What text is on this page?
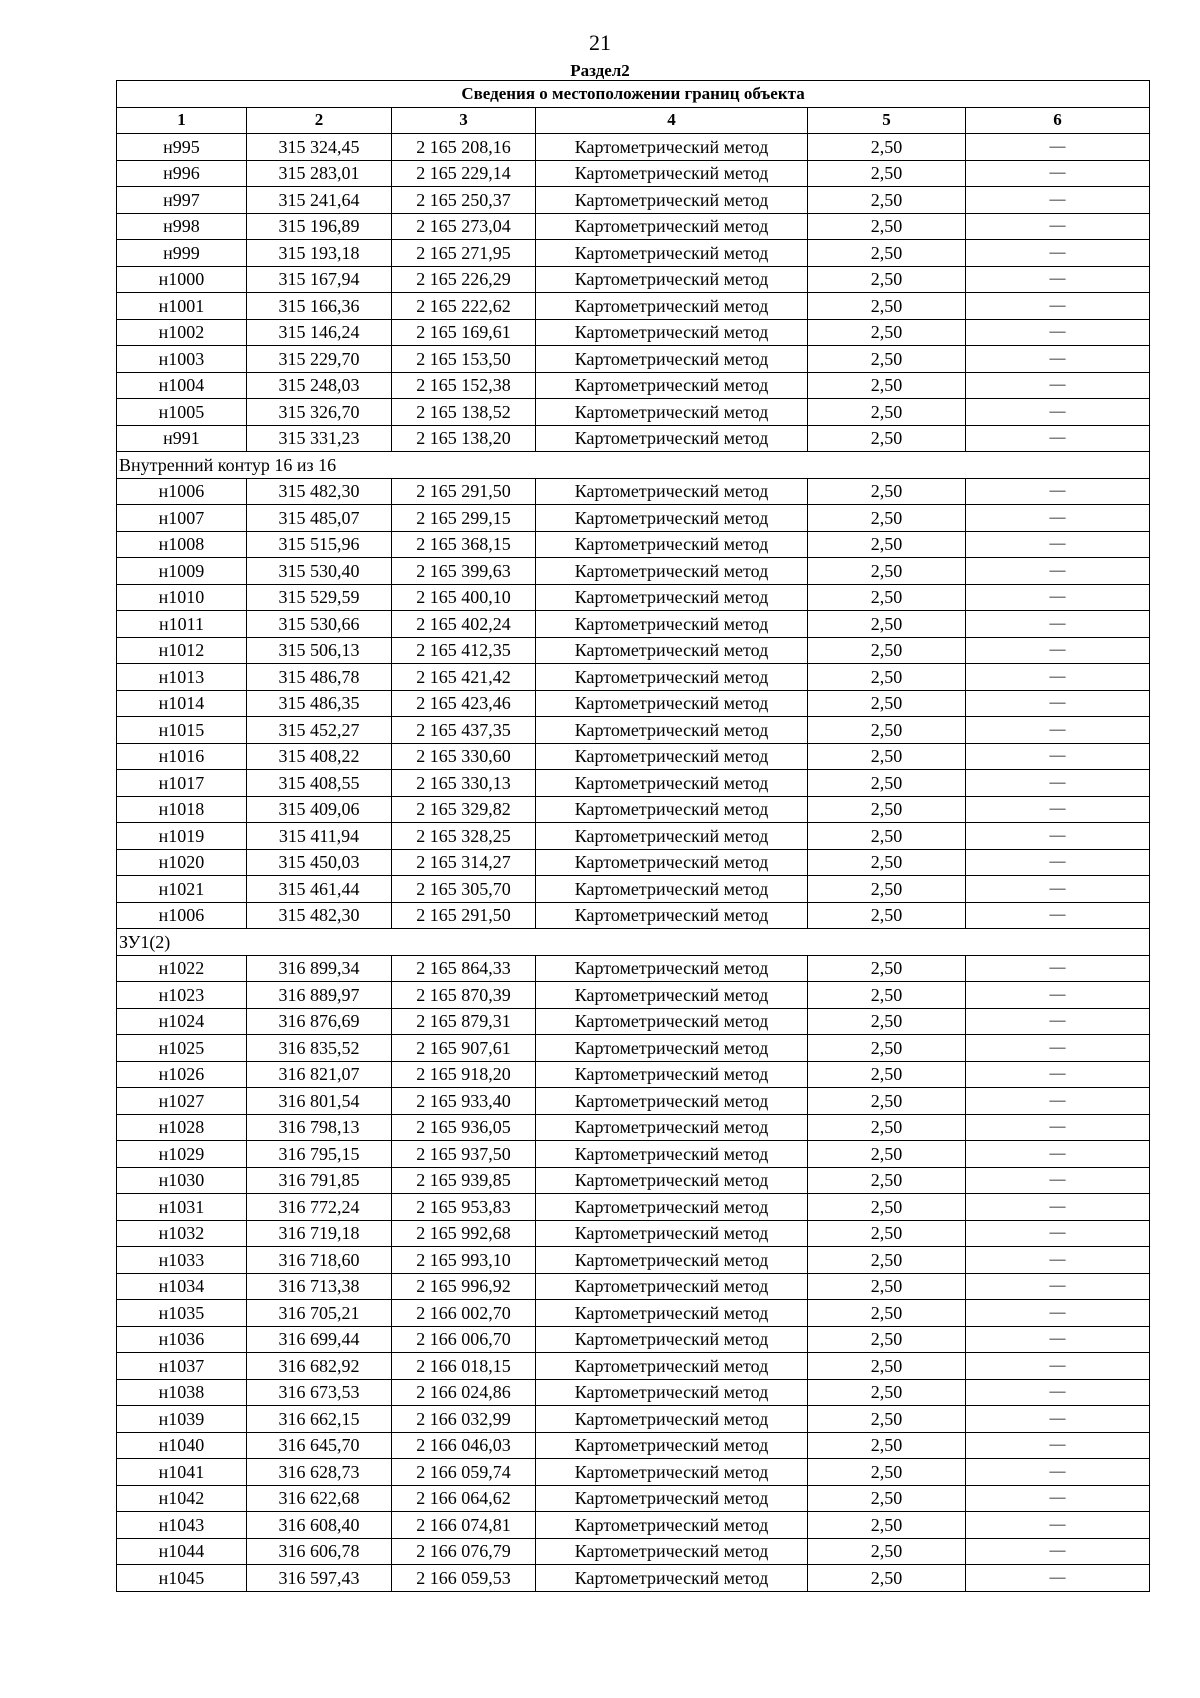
21
Раздел2
Сведения о местоположении границ объекта					
1	2	3	4	5	6
н995	315 324,45	2 165 208,16	Картометрический метод	2,50	—
н996	315 283,01	2 165 229,14	Картометрический метод	2,50	—
н997	315 241,64	2 165 250,37	Картометрический метод	2,50	—
н998	315 196,89	2 165 273,04	Картометрический метод	2,50	—
н999	315 193,18	2 165 271,95	Картометрический метод	2,50	—
н1000	315 167,94	2 165 226,29	Картометрический метод	2,50	—
н1001	315 166,36	2 165 222,62	Картометрический метод	2,50	—
н1002	315 146,24	2 165 169,61	Картометрический метод	2,50	—
н1003	315 229,70	2 165 153,50	Картометрический метод	2,50	—
н1004	315 248,03	2 165 152,38	Картометрический метод	2,50	—
н1005	315 326,70	2 165 138,52	Картометрический метод	2,50	—
н991	315 331,23	2 165 138,20	Картометрический метод	2,50	—
Внутренний контур 16 из 16					
н1006	315 482,30	2 165 291,50	Картометрический метод	2,50	—
н1007	315 485,07	2 165 299,15	Картометрический метод	2,50	—
н1008	315 515,96	2 165 368,15	Картометрический метод	2,50	—
н1009	315 530,40	2 165 399,63	Картометрический метод	2,50	—
н1010	315 529,59	2 165 400,10	Картометрический метод	2,50	—
н1011	315 530,66	2 165 402,24	Картометрический метод	2,50	—
н1012	315 506,13	2 165 412,35	Картометрический метод	2,50	—
н1013	315 486,78	2 165 421,42	Картометрический метод	2,50	—
н1014	315 486,35	2 165 423,46	Картометрический метод	2,50	—
н1015	315 452,27	2 165 437,35	Картометрический метод	2,50	—
н1016	315 408,22	2 165 330,60	Картометрический метод	2,50	—
н1017	315 408,55	2 165 330,13	Картометрический метод	2,50	—
н1018	315 409,06	2 165 329,82	Картометрический метод	2,50	—
н1019	315 411,94	2 165 328,25	Картометрический метод	2,50	—
н1020	315 450,03	2 165 314,27	Картометрический метод	2,50	—
н1021	315 461,44	2 165 305,70	Картометрический метод	2,50	—
н1006	315 482,30	2 165 291,50	Картометрический метод	2,50	—
ЗУ1(2)					
н1022	316 899,34	2 165 864,33	Картометрический метод	2,50	—
н1023	316 889,97	2 165 870,39	Картометрический метод	2,50	—
н1024	316 876,69	2 165 879,31	Картометрический метод	2,50	—
н1025	316 835,52	2 165 907,61	Картометрический метод	2,50	—
н1026	316 821,07	2 165 918,20	Картометрический метод	2,50	—
н1027	316 801,54	2 165 933,40	Картометрический метод	2,50	—
н1028	316 798,13	2 165 936,05	Картометрический метод	2,50	—
н1029	316 795,15	2 165 937,50	Картометрический метод	2,50	—
н1030	316 791,85	2 165 939,85	Картометрический метод	2,50	—
н1031	316 772,24	2 165 953,83	Картометрический метод	2,50	—
н1032	316 719,18	2 165 992,68	Картометрический метод	2,50	—
н1033	316 718,60	2 165 993,10	Картометрический метод	2,50	—
н1034	316 713,38	2 165 996,92	Картометрический метод	2,50	—
н1035	316 705,21	2 166 002,70	Картометрический метод	2,50	—
н1036	316 699,44	2 166 006,70	Картометрический метод	2,50	—
н1037	316 682,92	2 166 018,15	Картометрический метод	2,50	—
н1038	316 673,53	2 166 024,86	Картометрический метод	2,50	—
н1039	316 662,15	2 166 032,99	Картометрический метод	2,50	—
н1040	316 645,70	2 166 046,03	Картометрический метод	2,50	—
н1041	316 628,73	2 166 059,74	Картометрический метод	2,50	—
н1042	316 622,68	2 166 064,62	Картометрический метод	2,50	—
н1043	316 608,40	2 166 074,81	Картометрический метод	2,50	—
н1044	316 606,78	2 166 076,79	Картометрический метод	2,50	—
н1045	316 597,43	2 166 059,53	Картометрический метод	2,50	—
